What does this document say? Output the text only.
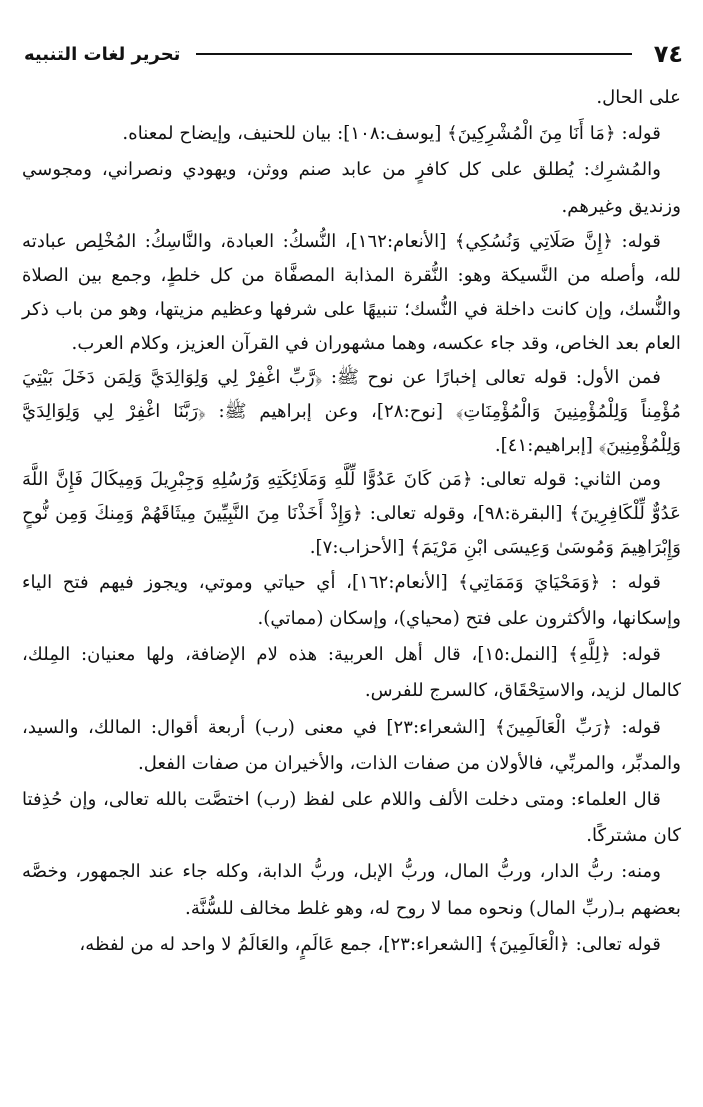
٧٤
تحرير لغات التنبيه

على الحال.

قوله: ﴿مَا أَنَا مِنَ الْمُشْرِكِينَ﴾ [يوسف:١٠٨]: بيان للحنيف، وإيضاح لمعناه.

والمُشرِك: يُطلق على كل كافرٍ من عابد صنم ووثن، ويهودي ونصراني، ومجوسي وزنديق وغيرهم.

قوله: ﴿إِنَّ صَلَاتِي وَنُسُكِي﴾ [الأنعام:١٦٢]، النُّسكُ: العبادة، والنَّاسِكُ: المُخْلِص عبادته لله، وأصله من النَّسيكة وهو: النُّقرة المذابة المصفَّاة من كل خلطٍ، وجمع بين الصلاة والنُّسك، وإن كانت داخلة في النُّسك؛ تنبيهًا على شرفها وعظيم مزيتها، وهو من باب ذكر العام بعد الخاص، وقد جاء عكسه، وهما مشهوران في القرآن العزيز، وكلام العرب.

فمن الأول: قوله تعالى إخبارًا عن نوح ﷺ: ﴿رَّبِّ اغْفِرْ لِي وَلِوَالِدَيَّ وَلِمَن دَخَلَ بَيْتِيَ مُؤْمِناً وَلِلْمُؤْمِنِينَ وَالْمُؤْمِنَاتِ﴾ [نوح:٢٨]، وعن إبراهيم ﷺ: ﴿رَبَّنَا اغْفِرْ لِي وَلِوَالِدَيَّ وَلِلْمُؤْمِنِينَ﴾ [إبراهيم:٤١].

ومن الثاني: قوله تعالى: ﴿مَن كَانَ عَدُوًّا لِّلَّهِ وَمَلَائِكَتِهِ وَرُسُلِهِ وَجِبْرِيلَ وَمِيكَالَ فَإِنَّ اللَّهَ عَدُوٌّ لِّلْكَافِرِينَ﴾ [البقرة:٩٨]، وقوله تعالى: ﴿وَإِذْ أَخَذْنَا مِنَ النَّبِيِّينَ مِيثَاقَهُمْ وَمِنكَ وَمِن نُّوحٍ وَإِبْرَاهِيمَ وَمُوسَىٰ وَعِيسَى ابْنِ مَرْيَمَ﴾ [الأحزاب:٧].

قوله : ﴿وَمَحْيَايَ وَمَمَاتِي﴾ [الأنعام:١٦٢]، أي حياتي وموتي، ويجوز فيهم فتح الياء وإسكانها، والأكثرون على فتح (محياي)، وإسكان (مماتي).

قوله: ﴿لِلَّهِ﴾ [النمل:١٥]، قال أهل العربية: هذه لام الإضافة، ولها معنيان: المِلك، كالمال لزيد، والاستِحْقَاق، كالسرج للفرس.

قوله: ﴿رَبِّ الْعَالَمِينَ﴾ [الشعراء:٢٣] في معنى (رب) أربعة أقوال: المالك، والسيد، والمدبِّر، والمربِّي، فالأولان من صفات الذات، والأخيران من صفات الفعل.

قال العلماء: ومتى دخلت الألف واللام على لفظ (رب) اختصَّت بالله تعالى، وإن حُذِفتا كان مشتركًا.

ومنه: ربُّ الدار، وربُّ المال، وربُّ الإبل، وربُّ الدابة، وكله جاء عند الجمهور، وخصَّه بعضهم بـ(ربِّ المال) ونحوه مما لا روح له، وهو غلط مخالف للسُّنَّة.

قوله تعالى: ﴿الْعَالَمِينَ﴾ [الشعراء:٢٣]، جمع عَالَمٍ، والعَالَمُ لا واحد له من لفظه،
